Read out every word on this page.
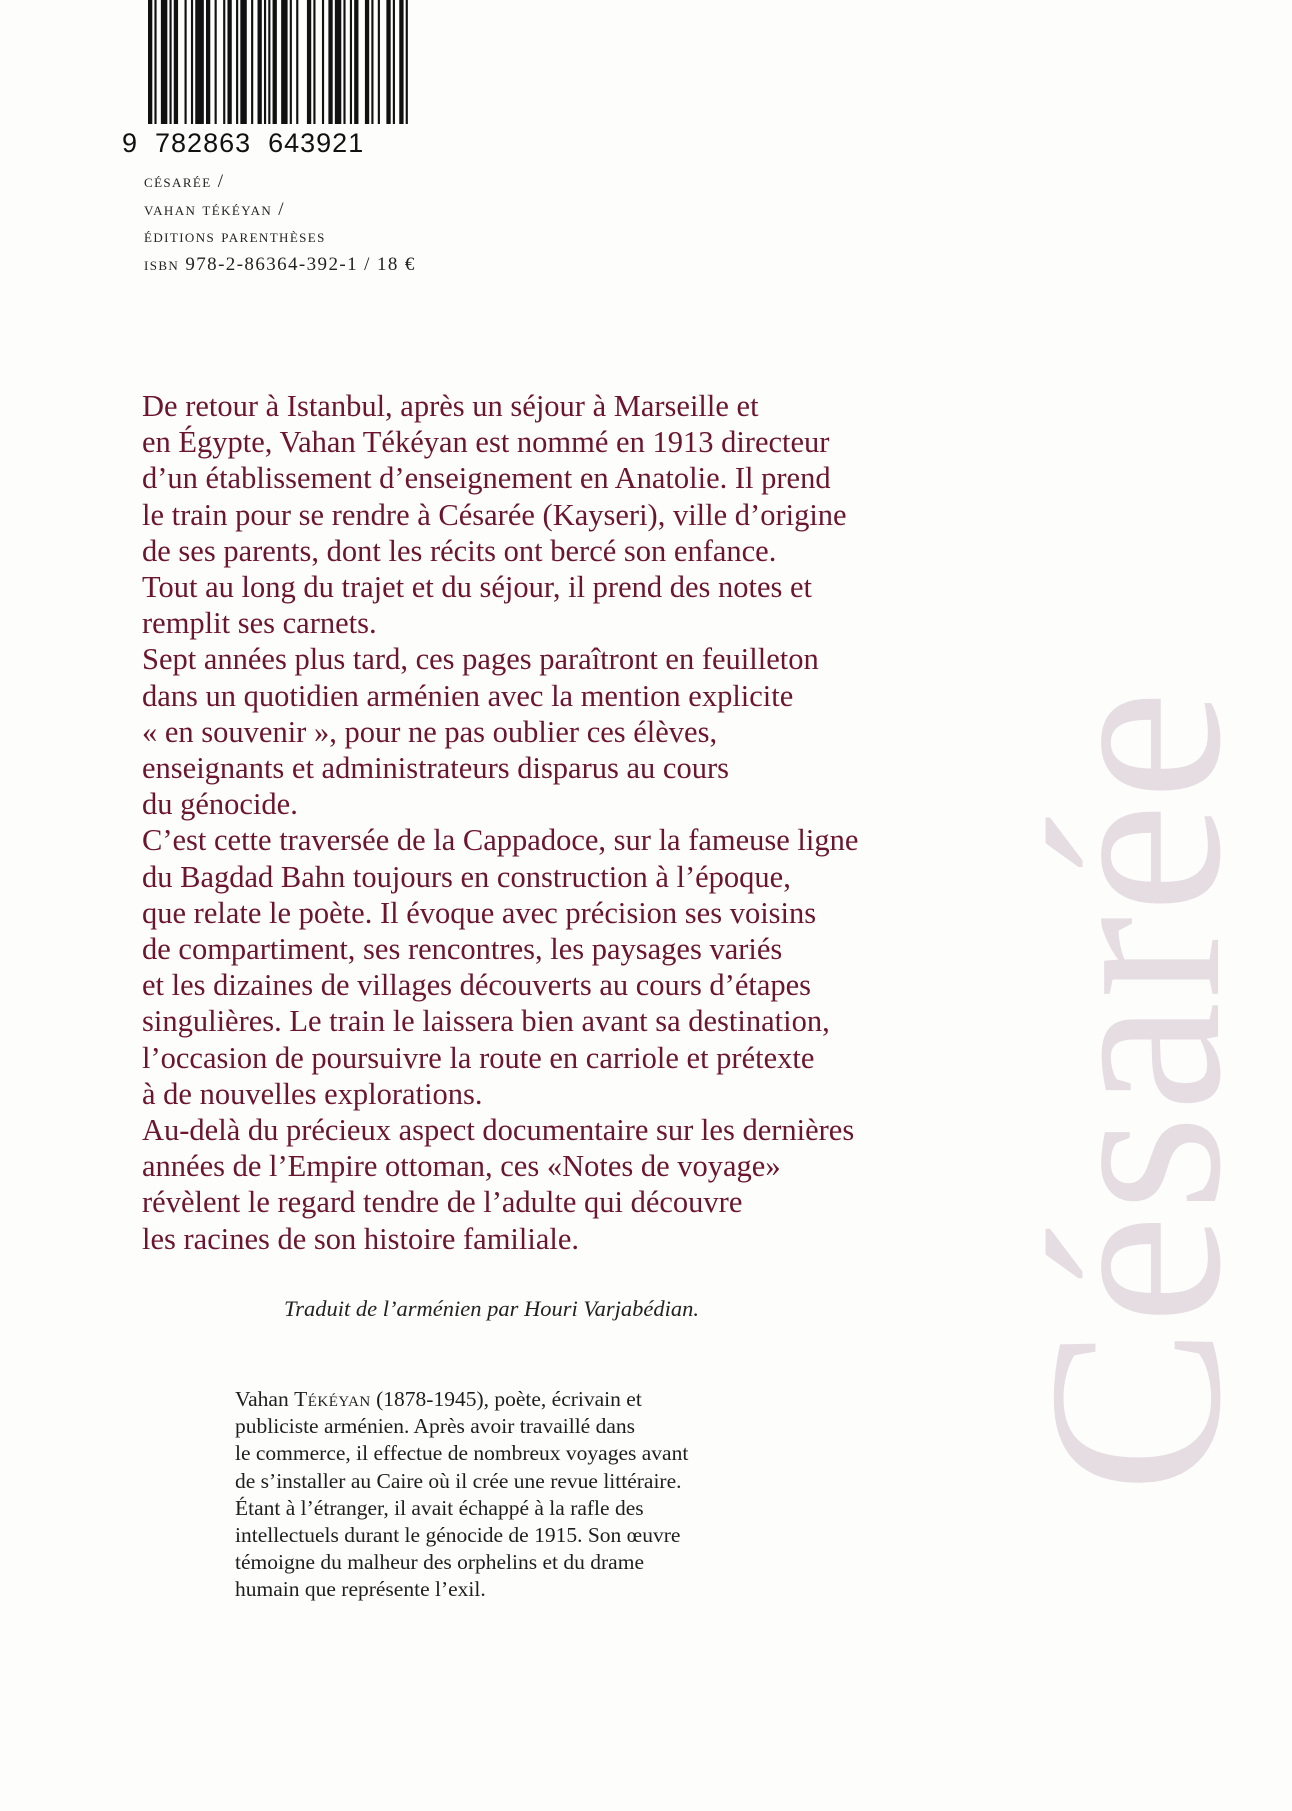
9  782863  643921
césarée /
vahan tékéyan /
éditions parenthèses
isbn 978-2-86364-392-1 / 18 €

De retour à Istanbul, après un séjour à Marseille et

en Égypte, Vahan Tékéyan est nommé en 1913 directeur

d’un établissement d’enseignement en Anatolie. Il prend

le train pour se rendre à Césarée (Kayseri), ville d’origine

de ses parents, dont les récits ont bercé son enfance.

Tout au long du trajet et du séjour, il prend des notes et

remplit ses carnets.

Sept années plus tard, ces pages paraîtront en feuilleton

dans un quotidien arménien avec la mention explicite

« en souvenir », pour ne pas oublier ces élèves,

enseignants et administrateurs disparus au cours

du génocide.

C’est cette traversée de la Cappadoce, sur la fameuse ligne

du Bagdad Bahn toujours en construction à l’époque,

que relate le poète. Il évoque avec précision ses voisins

de compartiment, ses rencontres, les paysages variés

et les dizaines de villages découverts au cours d’étapes

singulières. Le train le laissera bien avant sa destination,

l’occasion de poursuivre la route en carriole et prétexte

à de nouvelles explorations.

Au-delà du précieux aspect documentaire sur les dernières

années de l’Empire ottoman, ces «Notes de voyage»

révèlent le regard tendre de l’adulte qui découvre

les racines de son histoire familiale.

Traduit de l’arménien par Houri Varjabédian.

Vahan Tékéyan (1878-1945), poète, écrivain et

publiciste arménien. Après avoir travaillé dans

le commerce, il effectue de nombreux voyages avant

de s’installer au Caire où il crée une revue littéraire.

Étant à l’étranger, il avait échappé à la rafle des

intellectuels durant le génocide de 1915. Son œuvre

témoigne du malheur des orphelins et du drame

humain que représente l’exil.

Césarée
